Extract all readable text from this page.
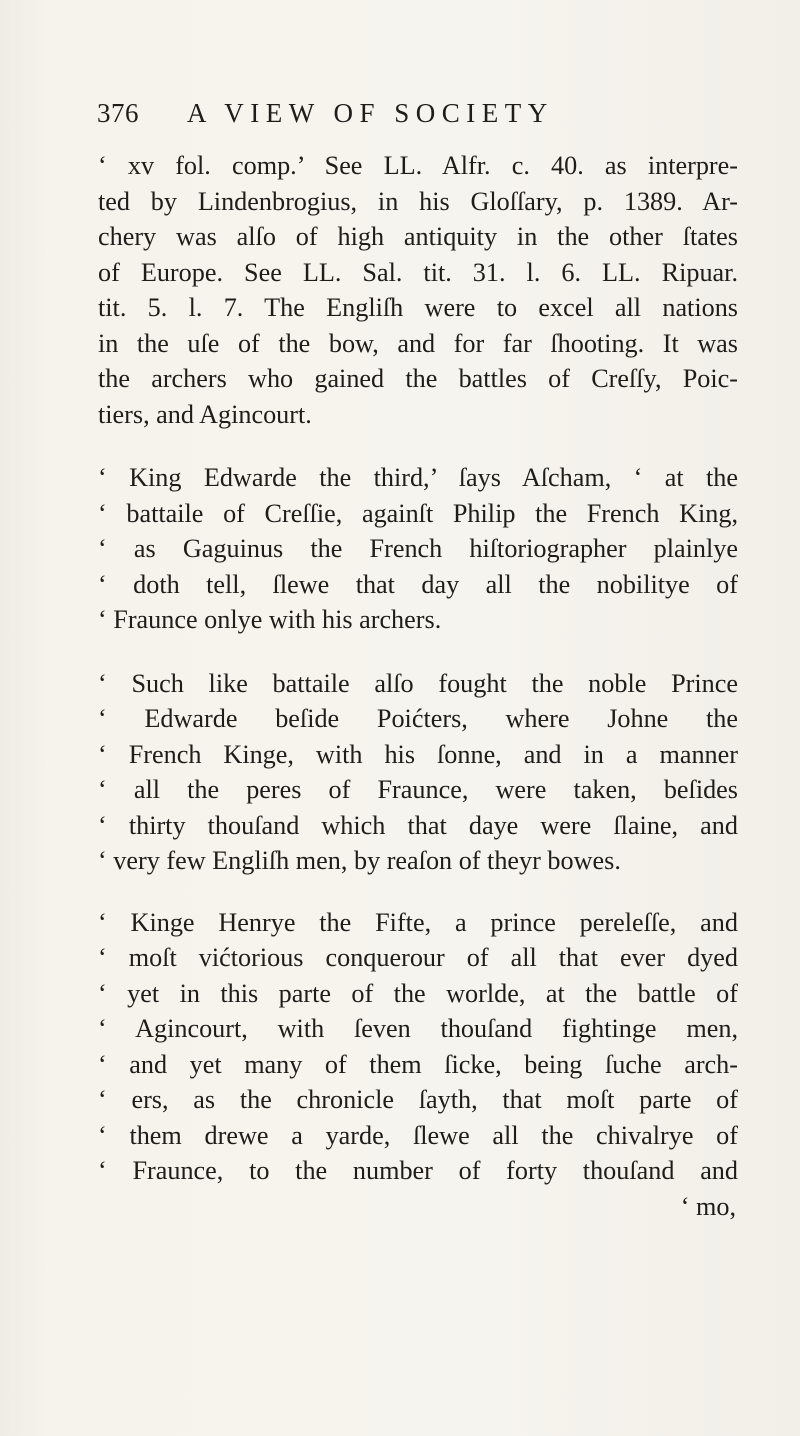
376 A VIEW OF SOCIETY
‘ xv fol. comp.’ See LL. Alfr. c. 40. as interpre-
ted by Lindenbrogius, in his Gloſſary, p. 1389. Ar-
chery was alſo of high antiquity in the other ſtates
of Europe. See LL. Sal. tit. 31. l. 6. LL. Ripuar.
tit. 5. l. 7. The Engliſh were to excel all nations
in the uſe of the bow, and for far ſhooting. It was
the archers who gained the battles of Creſſy, Poic-
tiers, and Agincourt.
‘ King Edwarde the third,’ ſays Aſcham, ‘ at the
‘ battaile of Creſſie, againſt Philip the French King,
‘ as Gaguinus the French hiſtoriographer plainlye
‘ doth tell, ſlewe that day all the nobilitye of
‘ Fraunce onlye with his archers.
‘ Such like battaile alſo fought the noble Prince
‘ Edwarde beſide Poićters, where Johne the
‘ French Kinge, with his ſonne, and in a manner
‘ all the peres of Fraunce, were taken, beſides
‘ thirty thouſand which that daye were ſlaine, and
‘ very few Engliſh men, by reaſon of theyr bowes.
‘ Kinge Henrye the Fifte, a prince pereleſſe, and
‘ moſt vićtorious conquerour of all that ever dyed
‘ yet in this parte of the worlde, at the battle of
‘ Agincourt, with ſeven thouſand fightinge men,
‘ and yet many of them ſicke, being ſuche arch-
‘ ers, as the chronicle ſayth, that moſt parte of
‘ them drewe a yarde, ſlewe all the chivalrye of
‘ Fraunce, to the number of forty thouſand and
‘ mo,
